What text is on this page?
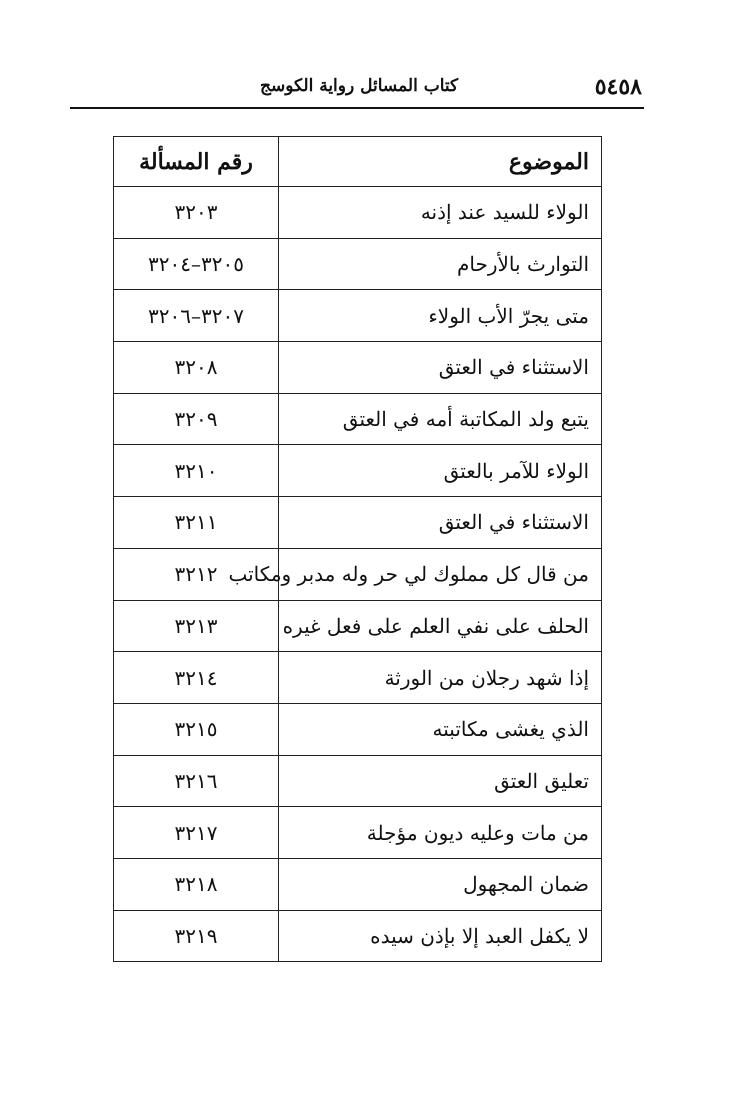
٥٤٥٨
كتاب المسائل رواية الكوسج
الموضوع	رقم المسألة
الولاء للسيد عند إذنه	٣٢٠٣
التوارث بالأرحام	٣٢٠٥–٣٢٠٤
متى يجرّ الأب الولاء	٣٢٠٧–٣٢٠٦
الاستثناء في العتق	٣٢٠٨
يتبع ولد المكاتبة أمه في العتق	٣٢٠٩
الولاء للآمر بالعتق	٣٢١٠
الاستثناء في العتق	٣٢١١
من قال كل مملوك لي حر وله مدبر ومكاتب	٣٢١٢
الحلف على نفي العلم على فعل غيره	٣٢١٣
إذا شهد رجلان من الورثة	٣٢١٤
الذي يغشى مكاتبته	٣٢١٥
تعليق العتق	٣٢١٦
من مات وعليه ديون مؤجلة	٣٢١٧
ضمان المجهول	٣٢١٨
لا يكفل العبد إلا بإذن سيده	٣٢١٩
